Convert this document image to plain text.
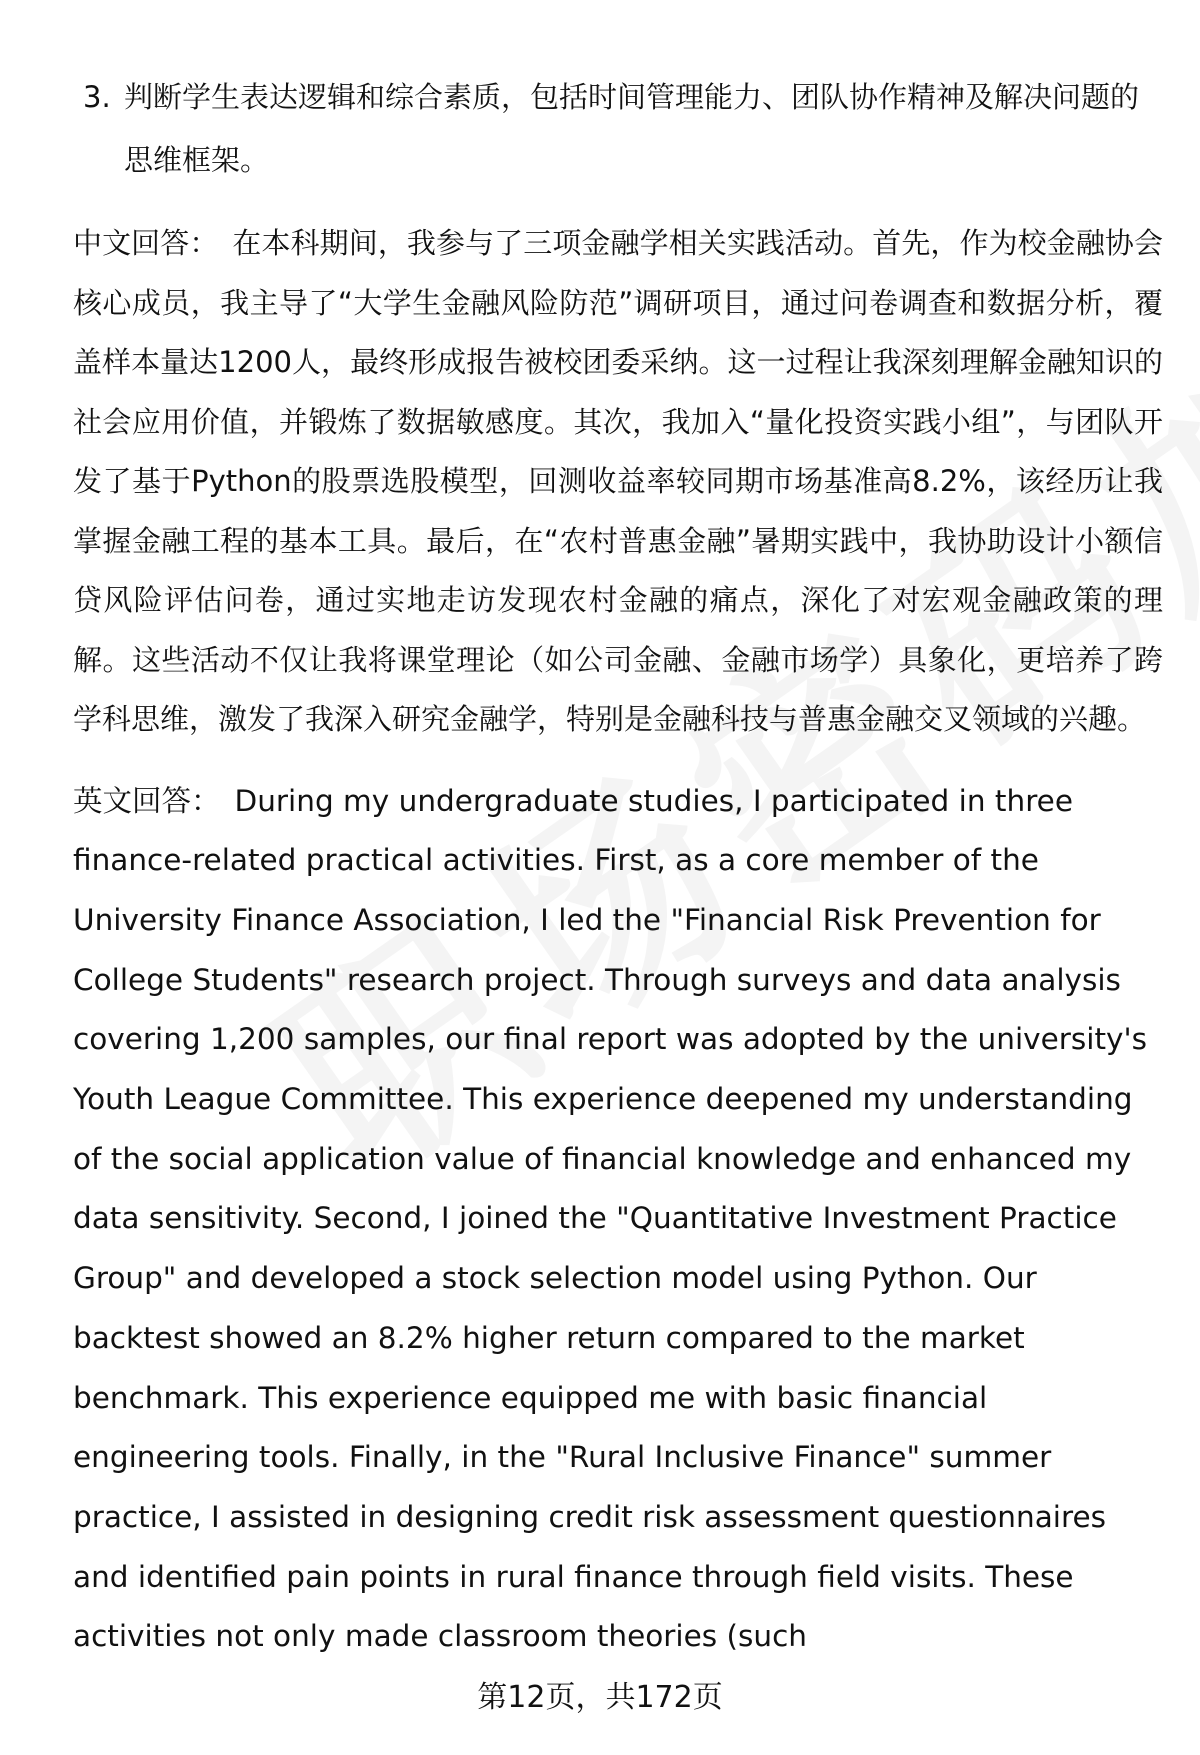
3. 判断学生表达逻辑和综合素质，包括时间管理能力、团队协作精神及解决问题的思维框架。
中文回答： 在本科期间，我参与了三项金融学相关实践活动。首先，作为校金融协会核心成员，我主导了“大学生金融风险防范”调研项目，通过问卷调查和数据分析，覆盖样本量达1200人，最终形成报告被校团委采纳。这一过程让我深刻理解金融知识的社会应用价值，并锻炼了数据敏感度。其次，我加入“量化投资实践小组”，与团队开发了基于Python的股票选股模型，回测收益率较同期市场基准高8.2%，该经历让我掌握金融工程的基本工具。最后，在“农村普惠金融”暑期实践中，我协助设计小额信贷风险评估问卷，通过实地走访发现农村金融的痛点，深化了对宏观金融政策的理解。这些活动不仅让我将课堂理论（如公司金融、金融市场学）具象化，更培养了跨学科思维，激发了我深入研究金融学，特别是金融科技与普惠金融交叉领域的兴趣。
英文回答： During my undergraduate studies, I participated in three finance-related practical activities. First, as a core member of the University Finance Association, I led the "Financial Risk Prevention for College Students" research project. Through surveys and data analysis covering 1,200 samples, our final report was adopted by the university's Youth League Committee. This experience deepened my understanding of the social application value of financial knowledge and enhanced my data sensitivity. Second, I joined the "Quantitative Investment Practice Group" and developed a stock selection model using Python. Our backtest showed an 8.2% higher return compared to the market benchmark. This experience equipped me with basic financial engineering tools. Finally, in the "Rural Inclusive Finance" summer practice, I assisted in designing credit risk assessment questionnaires and identified pain points in rural finance through field visits. These activities not only made classroom theories (such
第12页，共172页
